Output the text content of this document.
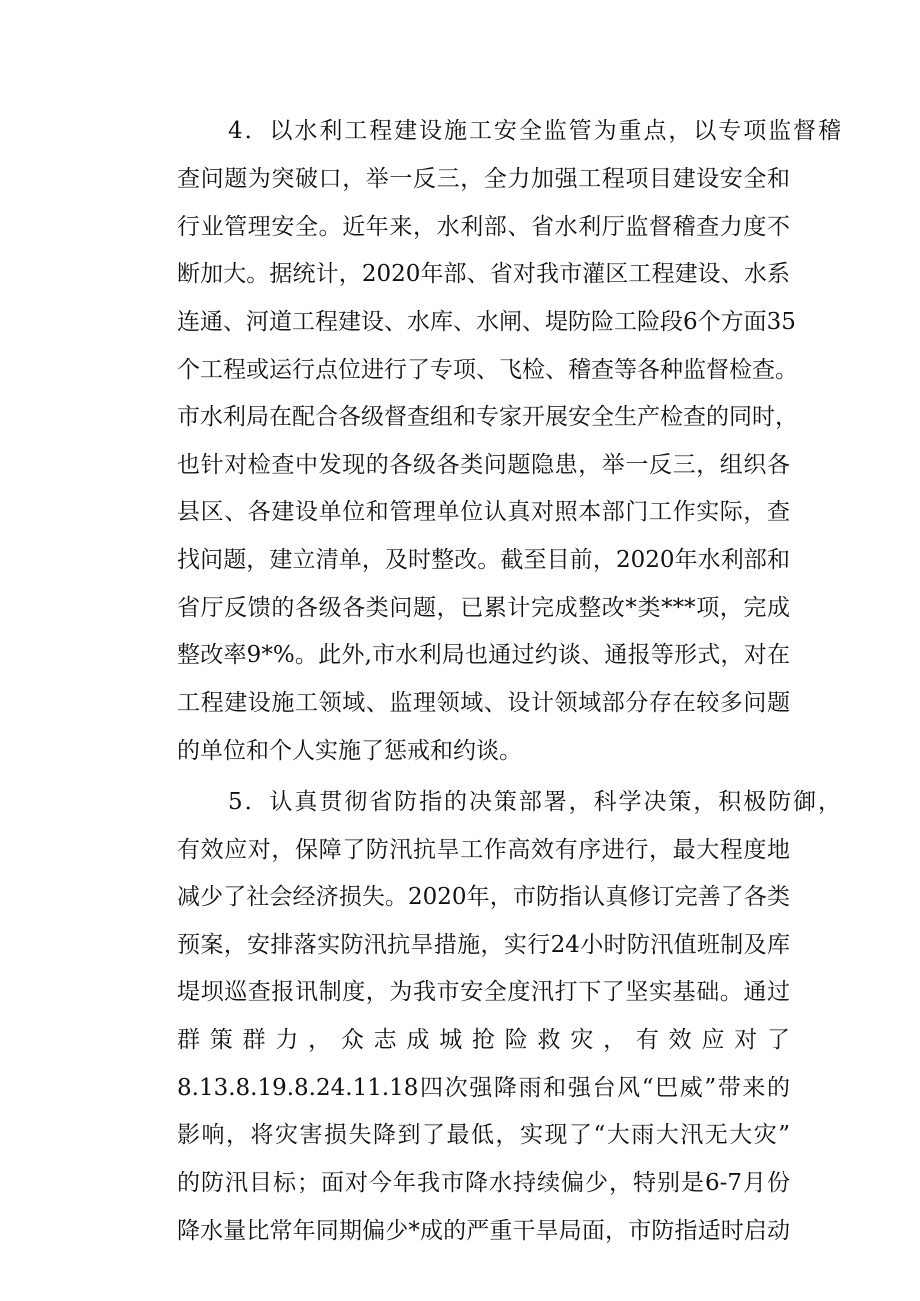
4．以水利工程建设施工安全监管为重点，以专项监督稽
查问题为突破口，举一反三，全力加强工程项目建设安全和
行业管理安全。近年来，水利部、省水利厅监督稽查力度不
断加大。据统计，2020年部、省对我市灌区工程建设、水系
连通、河道工程建设、水库、水闸、堤防险工险段6个方面35
个工程或运行点位进行了专项、飞检、稽查等各种监督检查。
市水利局在配合各级督查组和专家开展安全生产检查的同时，
也针对检查中发现的各级各类问题隐患，举一反三，组织各
县区、各建设单位和管理单位认真对照本部门工作实际，查
找问题，建立清单，及时整改。截至目前，2020年水利部和
省厅反馈的各级各类问题，已累计完成整改*类***项，完成
整改率9*%。此外,市水利局也通过约谈、通报等形式，对在
工程建设施工领域、监理领域、设计领域部分存在较多问题
的单位和个人实施了惩戒和约谈。
5．认真贯彻省防指的决策部署，科学决策，积极防御，
有效应对，保障了防汛抗旱工作高效有序进行，最大程度地
减少了社会经济损失。2020年，市防指认真修订完善了各类
预案，安排落实防汛抗旱措施，实行24小时防汛值班制及库
堤坝巡查报讯制度，为我市安全度汛打下了坚实基础。通过
群策群力，众志成城抢险救灾，有效应对了
8.13.8.19.8.24.11.18四次强降雨和强台风“巴威”带来的
影响，将灾害损失降到了最低，实现了“大雨大汛无大灾”
的防汛目标；面对今年我市降水持续偏少，特别是6-7月份
降水量比常年同期偏少*成的严重干旱局面，市防指适时启动
